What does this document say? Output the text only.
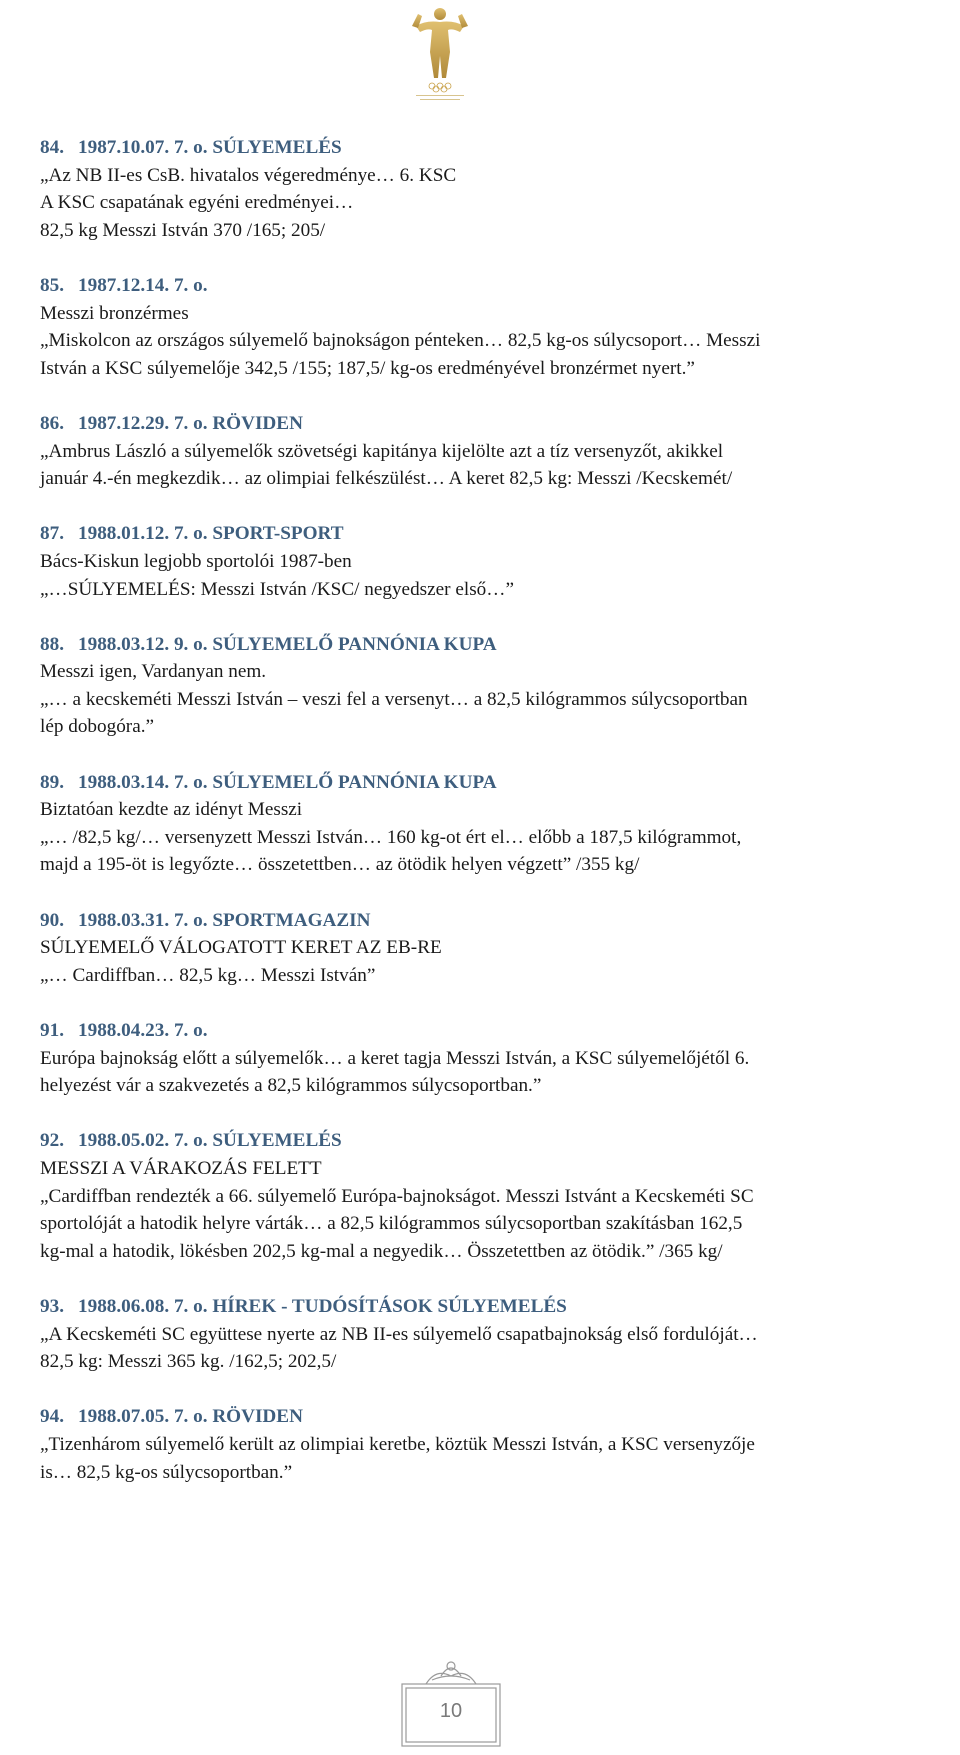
84. 1987.10.07. 7. o. SÚLYEMELÉS
„Az NB II-es CsB. hivatalos végeredménye… 6. KSC
A KSC csapatának egyéni eredményei…
82,5 kg Messzi István 370 /165; 205/
85. 1987.12.14. 7. o.
Messzi bronzérmes
„Miskolcon az országos súlyemelő bajnokságon pénteken… 82,5 kg-os súlycsoport… Messzi
István a KSC súlyemelője 342,5 /155; 187,5/ kg-os eredményével bronzérmet nyert.”
86. 1987.12.29. 7. o. RÖVIDEN
„Ambrus László a súlyemelők szövetségi kapitánya kijelölte azt a tíz versenyzőt, akikkel
január 4.-én megkezdik… az olimpiai felkészülést… A keret 82,5 kg: Messzi /Kecskemét/
87. 1988.01.12. 7. o. SPORT-SPORT
Bács-Kiskun legjobb sportolói 1987-ben
„…SÚLYEMELÉS: Messzi István /KSC/ negyedszer első…”
88. 1988.03.12. 9. o. SÚLYEMELŐ PANNÓNIA KUPA
Messzi igen, Vardanyan nem.
„… a kecskeméti Messzi István – veszi fel a versenyt… a 82,5 kilógrammos súlycsoportban
lép dobogóra.”
89. 1988.03.14. 7. o. SÚLYEMELŐ PANNÓNIA KUPA
Biztatóan kezdte az idényt Messzi
„… /82,5 kg/… versenyzett Messzi István… 160 kg-ot ért el… előbb a 187,5 kilógrammot,
majd a 195-öt is legyőzte… összetettben… az ötödik helyen végzett” /355 kg/
90. 1988.03.31. 7. o. SPORTMAGAZIN
SÚLYEMELŐ VÁLOGATOTT KERET AZ EB-RE
„… Cardiffban… 82,5 kg… Messzi István”
91. 1988.04.23. 7. o.
Európa bajnokság előtt a súlyemelők… a keret tagja Messzi István, a KSC súlyemelőjétől 6.
helyezést vár a szakvezetés a 82,5 kilógrammos súlycsoportban.”
92. 1988.05.02. 7. o. SÚLYEMELÉS
MESSZI A VÁRAKOZÁS FELETT
„Cardiffban rendezték a 66. súlyemelő Európa-bajnokságot. Messzi Istvánt a Kecskeméti SC
sportolóját a hatodik helyre várták… a 82,5 kilógrammos súlycsoportban szakításban 162,5
kg-mal a hatodik, lökésben 202,5 kg-mal a negyedik… Összetettben az ötödik.” /365 kg/
93. 1988.06.08. 7. o. HÍREK - TUDÓSÍTÁSOK SÚLYEMELÉS
„A Kecskeméti SC együttese nyerte az NB II-es súlyemelő csapatbajnokság első fordulóját…
82,5 kg: Messzi 365 kg. /162,5; 202,5/
94. 1988.07.05. 7. o. RÖVIDEN
„Tizenhárom súlyemelő került az olimpiai keretbe, köztük Messzi István, a KSC versenyzője
is… 82,5 kg-os súlycsoportban.”
10
